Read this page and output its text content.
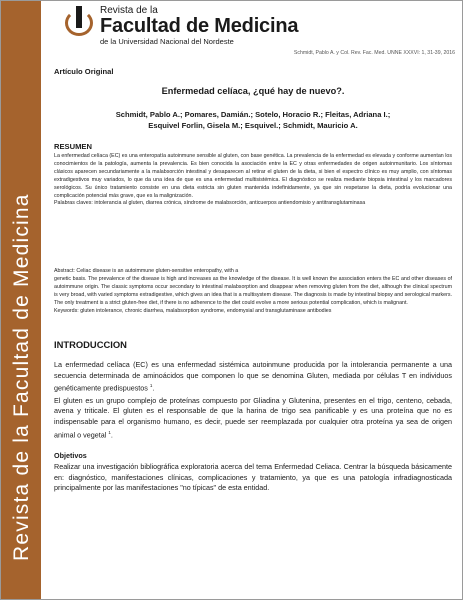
Revista de la Facultad de Medicina
Revista de la
Facultad de Medicina
de la Universidad Nacional del Nordeste
Schmidt, Pablo A. y Col. Rev. Fac. Med. UNNE XXXVI: 1, 31-39, 2016
Artículo Original
Enfermedad celíaca, ¿qué hay de nuevo?.
Schmidt, Pablo A.; Pomares, Damián.; Sotelo, Horacio R.; Fleitas, Adriana I.;
Esquivel Forlin, Gisela M.; Esquivel.; Schmidt, Mauricio A.
RESUMEN
La enfermedad celíaca (EC) es una enteropatía autoinmune sensible al gluten, con base genética. La prevalencia de la enfermedad es elevada y conforme aumentan los conocimientos de la patología, aumenta la prevalencia. Es bien conocida la asociación entre la EC y otras enfermedades de origen autoinmunitario. Los síntomas clásicos aparecen secundariamente a la malabsorción intestinal y desaparecen al retirar el gluten de la dieta, si bien el espectro clínico es muy amplio, con síntomas extradigestivos muy variados, lo que da una idea de que es una enfermedad multisistémica. El diagnóstico se realiza mediante biopsia intestinal y los marcadores serológicos. Su único tratamiento consiste en una dieta estricta sin gluten mantenida indefinidamente, ya que sin respetarse la dieta, podría evolucionar una complicación potencial más grave, que es la malignización.
Palabras claves: intolerancia al gluten, diarrea crónica, síndrome de malabsorción, anticuerpos antiendomisio y antitransglutaminasa
Abstract: Celiac disease is an autoimmune gluten-sensitive enteropathy, with a
genetic basis. The prevalence of the disease is high and increases as the knowledge of the disease. It is well known the association enters the EC and other diseases of autoimmune origin. The classic symptoms occur secondary to intestinal malabsorption and disappear when removing gluten from the diet, although the clinical spectrum is very broad, with varied symptoms extradigestive, which gives an idea that is a multisystem disease. The diagnosis is made by intestinal biopsy and serological markers. The only treatment is a strict gluten-free diet, if there is no adherence to the diet could evolve a more serious potential complication, which is malignant.
Keywords: gluten intolerance, chronic diarrhea, malabsorption syndrome, endomysial and transglutaminase antibodies
INTRODUCCION

La enfermedad celíaca (EC) es una enfermedad sistémica autoinmune producida por la intolerancia permanente a una secuencia determinada de aminoácidos que componen lo que se denomina Gluten, mediada por células T en individuos genéticamente predispuestos $^1$.

El gluten es un grupo complejo de proteínas compuesto por Gliadina y Glutenina, presentes en el trigo, centeno, cebada, avena y triticale. El gluten es el responsable de que la harina de trigo sea panificable y es una proteína que no es indispensable para el organismo humano, es decir, puede ser reemplazada por cualquier otra proteína ya sea de origen animal o vegetal $^1$.

Objetivos
Realizar una investigación bibliográfica exploratoria acerca del tema Enfermedad Celiaca. Centrar la búsqueda básicamente en: diagnóstico, manifestaciones clínicas, complicaciones y tratamiento, ya que es una patología infradiagnosticada principalmente por las manifestaciones "no típicas" de esta entidad.
